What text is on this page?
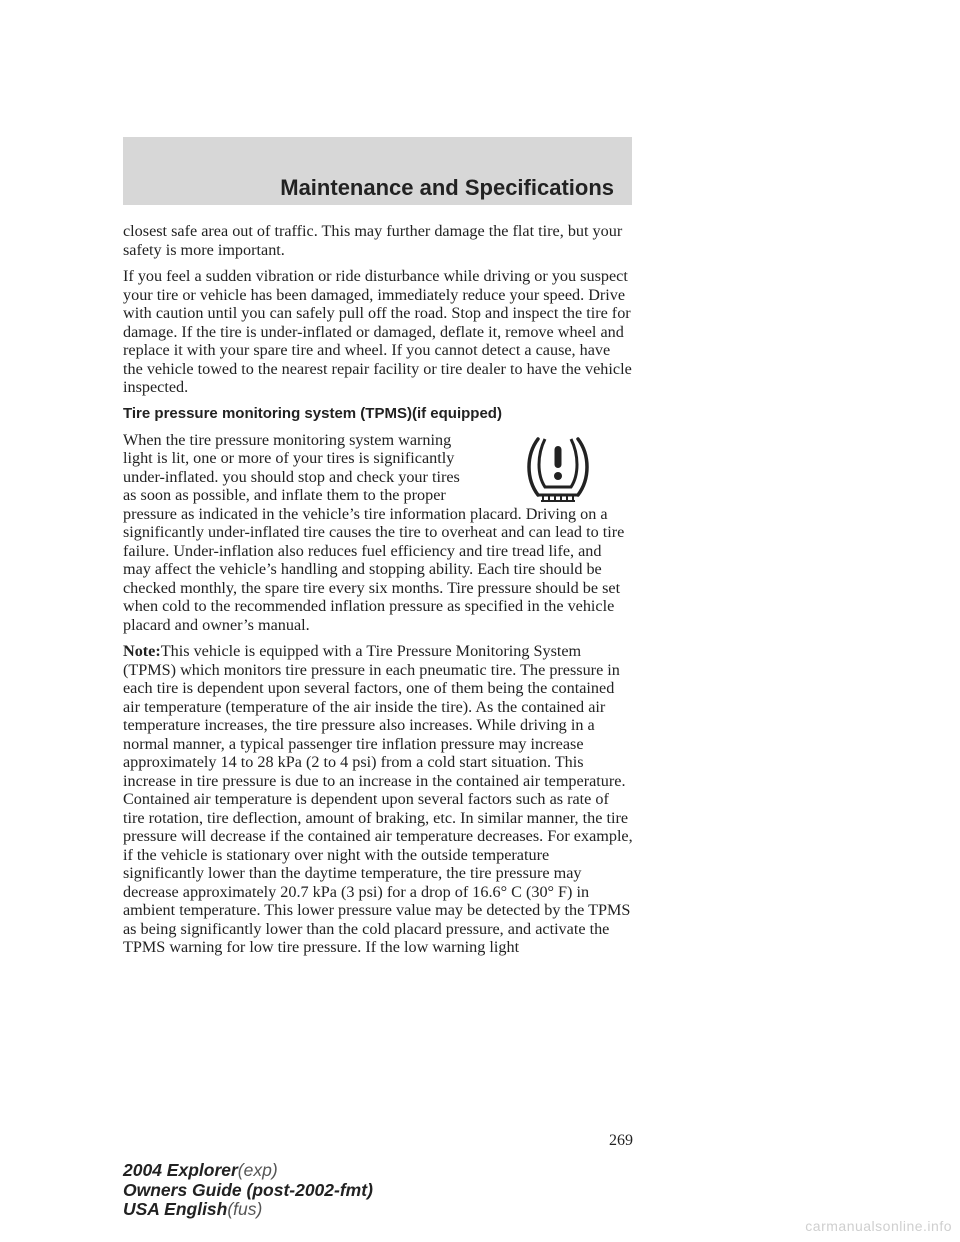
Maintenance and Specifications

closest safe area out of traffic. This may further damage the flat tire, but your safety is more important.

If you feel a sudden vibration or ride disturbance while driving or you suspect your tire or vehicle has been damaged, immediately reduce your speed. Drive with caution until you can safely pull off the road. Stop and inspect the tire for damage. If the tire is under-inflated or damaged, deflate it, remove wheel and replace it with your spare tire and wheel. If you cannot detect a cause, have the vehicle towed to the nearest repair facility or tire dealer to have the vehicle inspected.

Tire pressure monitoring system (TPMS)(if equipped)

When the tire pressure monitoring system warning light is lit, one or more of your tires is significantly under-inflated. you should stop and check your tires as soon as possible, and inflate them to the proper pressure as indicated in the vehicle’s tire information placard. Driving on a significantly under-inflated tire causes the tire to overheat and can lead to tire failure. Under-inflation also reduces fuel efficiency and tire tread life, and may affect the vehicle’s handling and stopping ability. Each tire should be checked monthly, the spare tire every six months. Tire pressure should be set when cold to the recommended inflation pressure as specified in the vehicle placard and owner’s manual.

Note:This vehicle is equipped with a Tire Pressure Monitoring System (TPMS) which monitors tire pressure in each pneumatic tire. The pressure in each tire is dependent upon several factors, one of them being the contained air temperature (temperature of the air inside the tire). As the contained air temperature increases, the tire pressure also increases. While driving in a normal manner, a typical passenger tire inflation pressure may increase approximately 14 to 28 kPa (2 to 4 psi) from a cold start situation. This increase in tire pressure is due to an increase in the contained air temperature. Contained air temperature is dependent upon several factors such as rate of tire rotation, tire deflection, amount of braking, etc. In similar manner, the tire pressure will decrease if the contained air temperature decreases. For example, if the vehicle is stationary over night with the outside temperature significantly lower than the daytime temperature, the tire pressure may decrease approximately 20.7 kPa (3 psi) for a drop of 16.6° C (30° F) in ambient temperature. This lower pressure value may be detected by the TPMS as being significantly lower than the cold placard pressure, and activate the TPMS warning for low tire pressure. If the low warning light

269
2004 Explorer(exp)
Owners Guide (post-2002-fmt)
USA English(fus)
carmanualsonline.info
